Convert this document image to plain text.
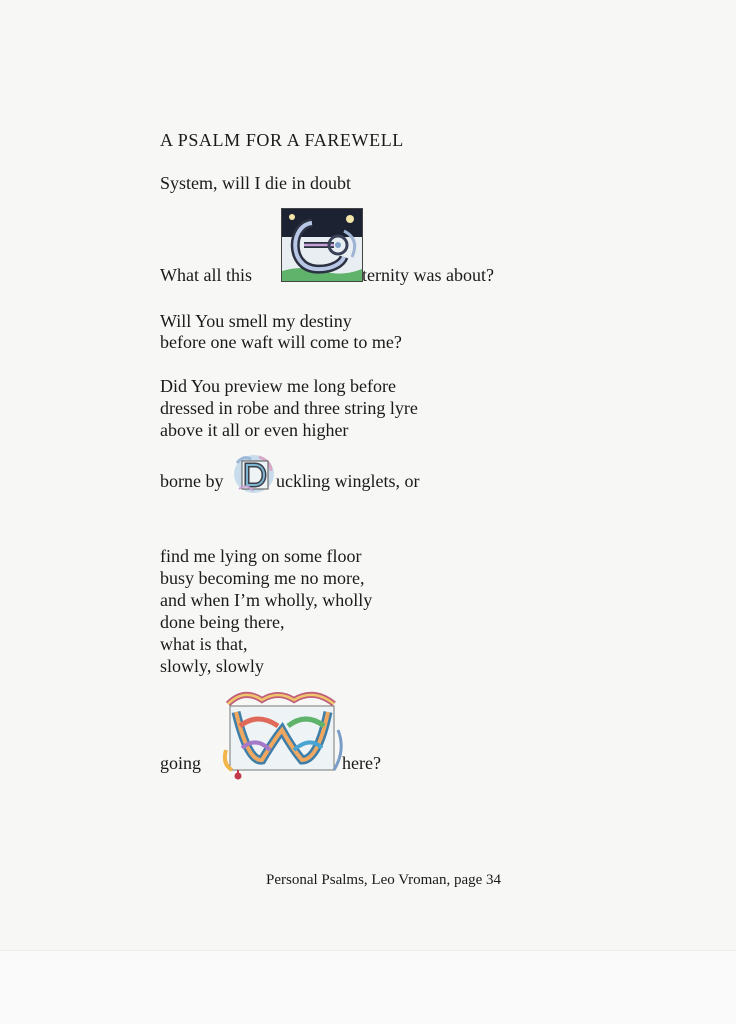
A PSALM FOR A FAREWELL
System, will I die in doubt
What all this	ternity was about?
Will You smell my destiny
before one waft will come to me?
Did You preview me long before
dressed in robe and three string lyre
above it all or even higher
borne by	uckling winglets, or
find me lying on some floor
busy becoming me no more,
and when I’m wholly, wholly
done being there,
what is that,
slowly, slowly
going	here?
Personal Psalms, Leo Vroman, page 34
